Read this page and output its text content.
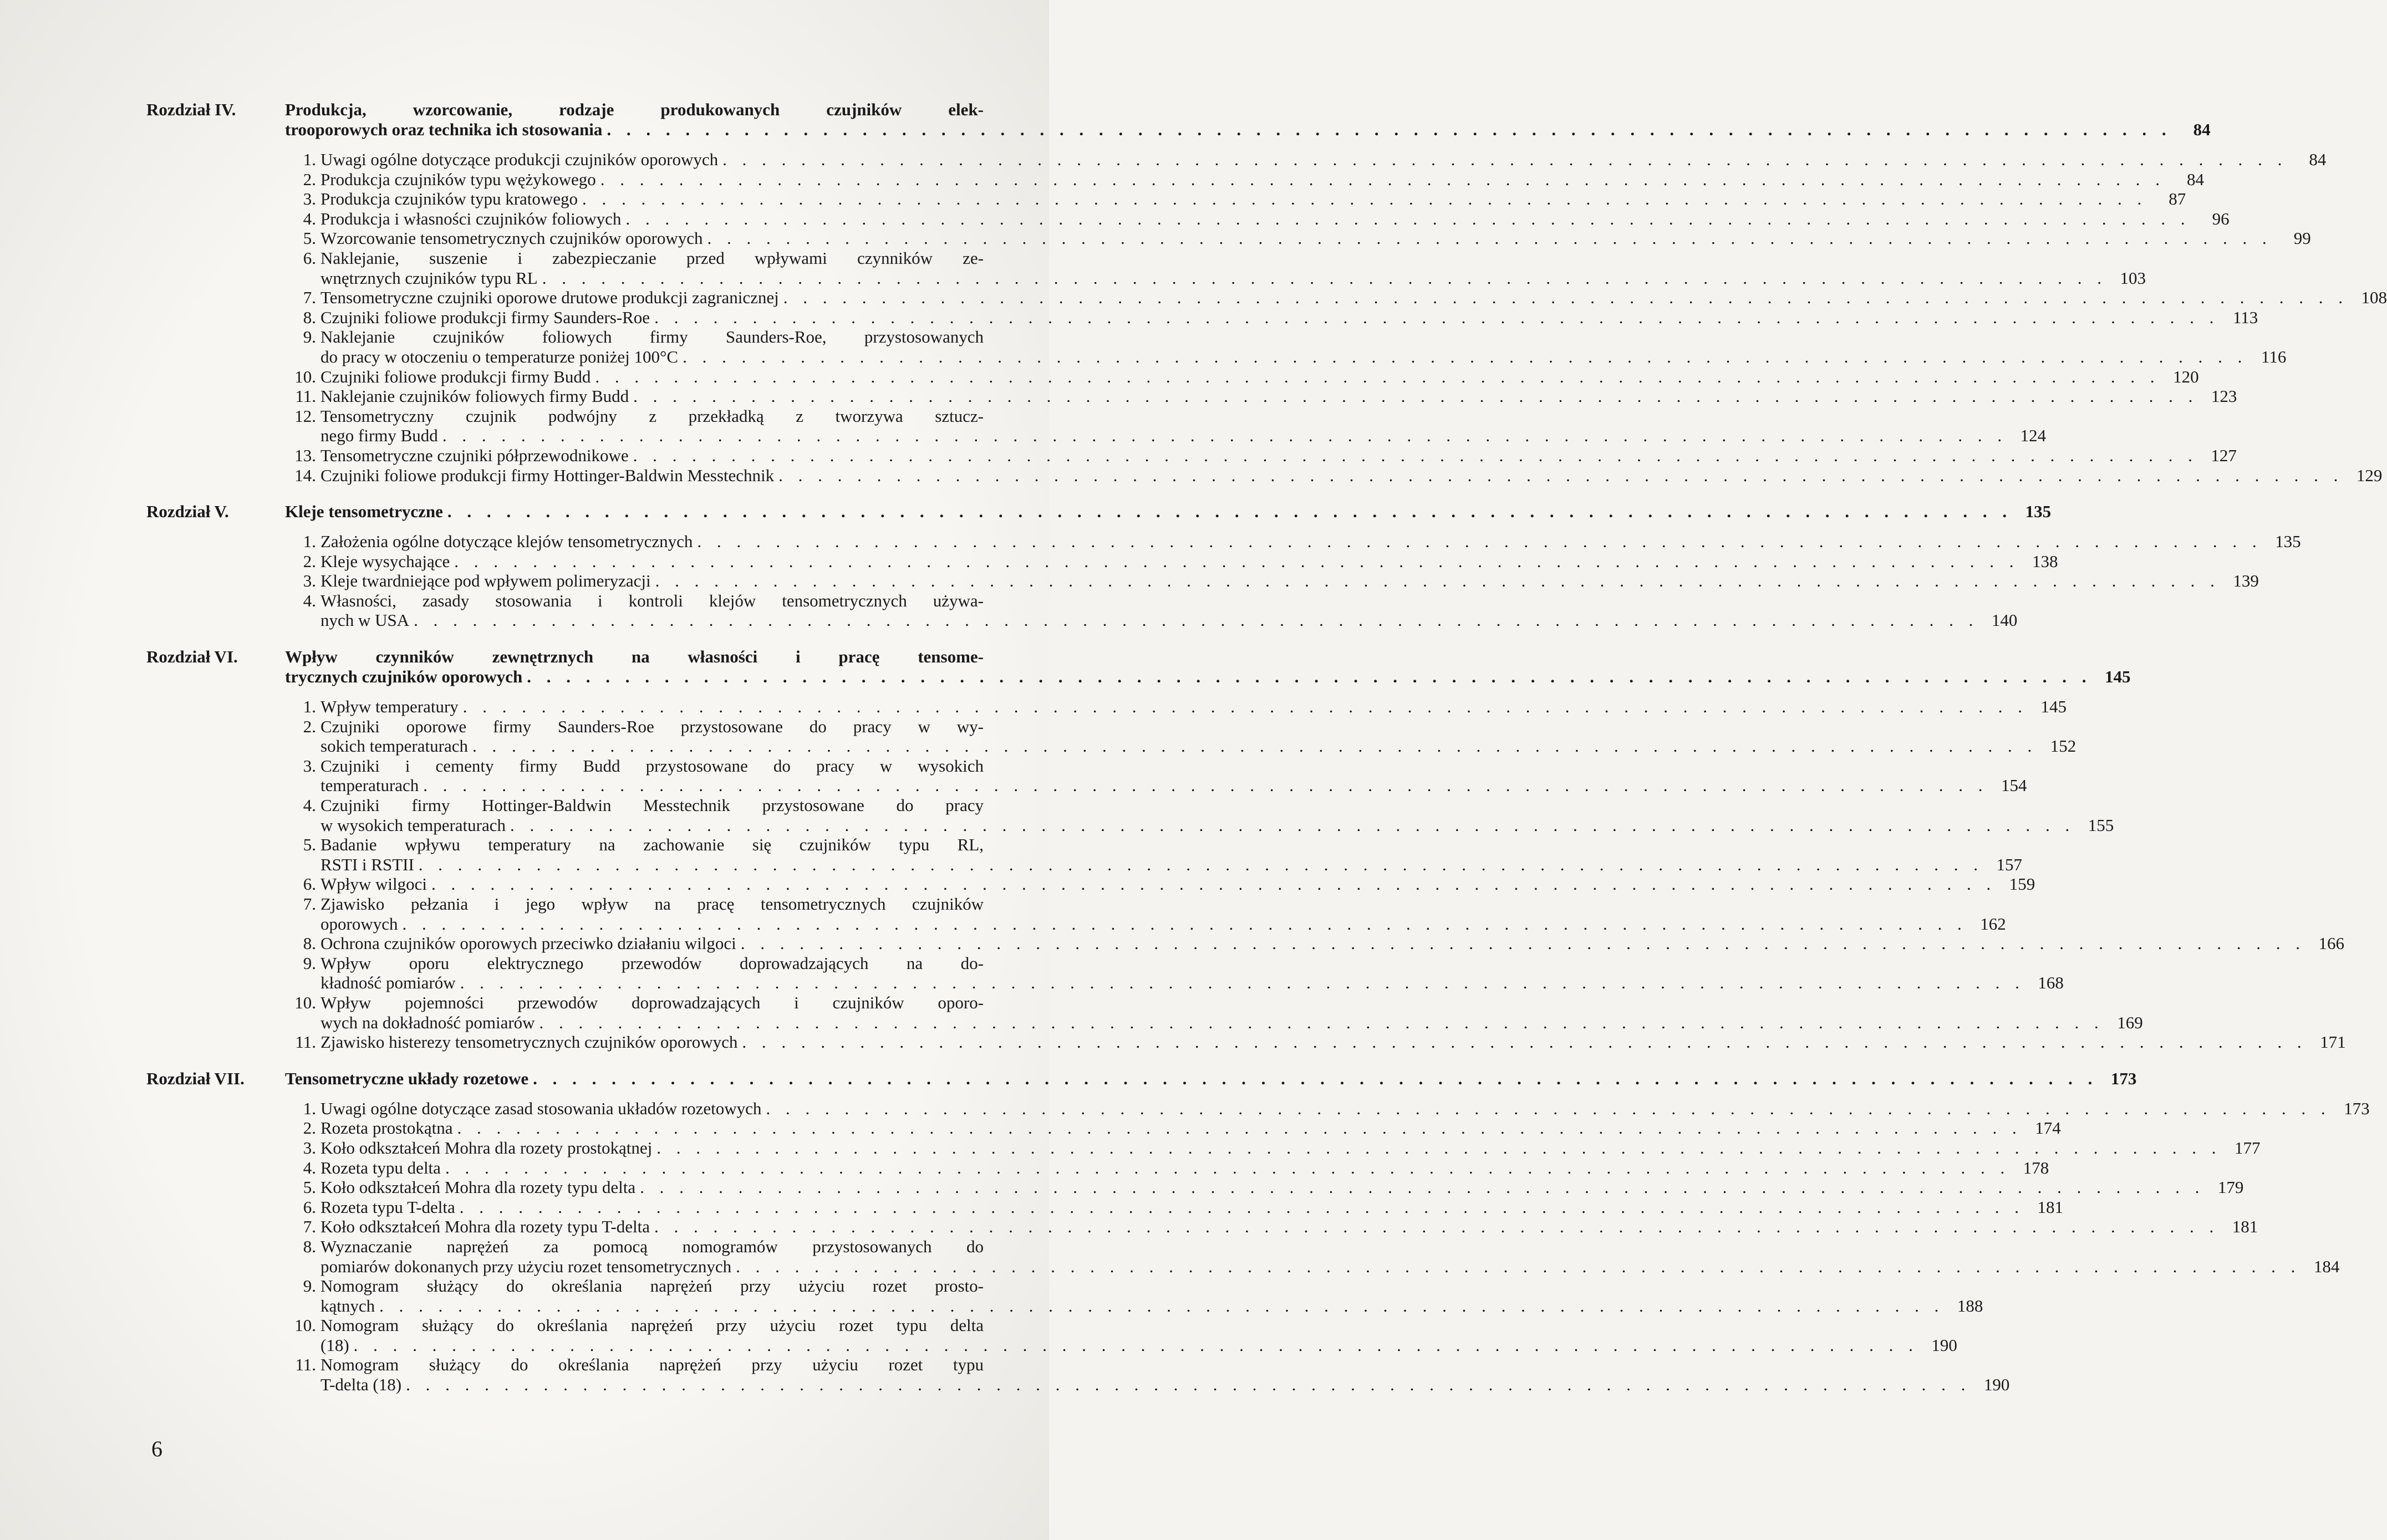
Rozdział IV.	Produkcja, wzorcowanie, rodzaje produkowanych czujników elek-
trooporowych oraz technika ich stosowania . . . . . . . . . . . . . . . . . . . . . . . . . . . . . . . . . . . . . . . . . . . . . . . . . . . . . . . . . . . . . . . . . . . . . . . . . . . . . . . .	84
1. Uwagi ogólne dotyczące produkcji czujników oporowych . . . . . . . . . . . . . . . . . . . . . . . . . . . . . . . . . . . . . . . . . . . . . . . . . . . . . . . . . . . . . . . . . . . . . . . . . . . . . . . .	84
2. Produkcja czujników typu wężykowego . . . . . . . . . . . . . . . . . . . . . . . . . . . . . . . . . . . . . . . . . . . . . . . . . . . . . . . . . . . . . . . . . . . . . . . . . . . . . . . .	84
3. Produkcja czujników typu kratowego . . . . . . . . . . . . . . . . . . . . . . . . . . . . . . . . . . . . . . . . . . . . . . . . . . . . . . . . . . . . . . . . . . . . . . . . . . . . . . . .	87
4. Produkcja i własności czujników foliowych . . . . . . . . . . . . . . . . . . . . . . . . . . . . . . . . . . . . . . . . . . . . . . . . . . . . . . . . . . . . . . . . . . . . . . . . . . . . . . . .	96
5. Wzorcowanie tensometrycznych czujników oporowych . . . . . . . . . . . . . . . . . . . . . . . . . . . . . . . . . . . . . . . . . . . . . . . . . . . . . . . . . . . . . . . . . . . . . . . . . . . . . . . .	99
6. Naklejanie, suszenie i zabezpieczanie przed wpływami czynników ze-
wnętrznych czujników typu RL . . . . . . . . . . . . . . . . . . . . . . . . . . . . . . . . . . . . . . . . . . . . . . . . . . . . . . . . . . . . . . . . . . . . . . . . . . . . . . . . 103
7. Tensometryczne czujniki oporowe drutowe produkcji zagranicznej . . . . . . . . . . . . . . . . . . . . . . . . . . . . . . . . . . . . . . . . . . . . . . . . . . . . . . . . . . . . . . . . . . . . . . . . . . . . . . . . 108
8. Czujniki foliowe produkcji firmy Saunders-Roe . . . . . . . . . . . . . . . . . . . . . . . . . . . . . . . . . . . . . . . . . . . . . . . . . . . . . . . . . . . . . . . . . . . . . . . . . . . . . . . . 113
9. Naklejanie czujników foliowych firmy Saunders-Roe, przystosowanych
do pracy w otoczeniu o temperaturze poniżej 100°C . . . . . . . . . . . . . . . . . . . . . . . . . . . . . . . . . . . . . . . . . . . . . . . . . . . . . . . . . . . . . . . . . . . . . . . . . . . . . . . . 116
10. Czujniki foliowe produkcji firmy Budd . . . . . . . . . . . . . . . . . . . . . . . . . . . . . . . . . . . . . . . . . . . . . . . . . . . . . . . . . . . . . . . . . . . . . . . . . . . . . . . . 120
11. Naklejanie czujników foliowych firmy Budd . . . . . . . . . . . . . . . . . . . . . . . . . . . . . . . . . . . . . . . . . . . . . . . . . . . . . . . . . . . . . . . . . . . . . . . . . . . . . . . . 123
12. Tensometryczny czujnik podwójny z przekładką z tworzywa sztucz-
nego firmy Budd . . . . . . . . . . . . . . . . . . . . . . . . . . . . . . . . . . . . . . . . . . . . . . . . . . . . . . . . . . . . . . . . . . . . . . . . . . . . . . . . 124
13. Tensometryczne czujniki półprzewodnikowe . . . . . . . . . . . . . . . . . . . . . . . . . . . . . . . . . . . . . . . . . . . . . . . . . . . . . . . . . . . . . . . . . . . . . . . . . . . . . . . . 127
14. Czujniki foliowe produkcji firmy Hottinger-Baldwin Messtechnik . . . . . . . . . . . . . . . . . . . . . . . . . . . . . . . . . . . . . . . . . . . . . . . . . . . . . . . . . . . . . . . . . . . . . . . . . . . . . . . . 129
Rozdział V.	Kleje tensometryczne . . . . . . . . . . . . . . . . . . . . . . . . . . . . . . . . . . . . . . . . . . . . . . . . . . . . . . . . . . . . . . . . . . . . . . . . . . . . . . . . 135
1. Założenia ogólne dotyczące klejów tensometrycznych . . . . . . . . . . . . . . . . . . . . . . . . . . . . . . . . . . . . . . . . . . . . . . . . . . . . . . . . . . . . . . . . . . . . . . . . . . . . . . . . 135
2. Kleje wysychające . . . . . . . . . . . . . . . . . . . . . . . . . . . . . . . . . . . . . . . . . . . . . . . . . . . . . . . . . . . . . . . . . . . . . . . . . . . . . . . . 138
3. Kleje twardniejące pod wpływem polimeryzacji . . . . . . . . . . . . . . . . . . . . . . . . . . . . . . . . . . . . . . . . . . . . . . . . . . . . . . . . . . . . . . . . . . . . . . . . . . . . . . . . 139
4. Własności, zasady stosowania i kontroli klejów tensometrycznych używa-
nych w USA . . . . . . . . . . . . . . . . . . . . . . . . . . . . . . . . . . . . . . . . . . . . . . . . . . . . . . . . . . . . . . . . . . . . . . . . . . . . . . . . 140
Rozdział VI.	Wpływ czynników zewnętrznych na własności i pracę tensome-
trycznych czujników oporowych . . . . . . . . . . . . . . . . . . . . . . . . . . . . . . . . . . . . . . . . . . . . . . . . . . . . . . . . . . . . . . . . . . . . . . . . . . . . . . . . 145
1. Wpływ temperatury . . . . . . . . . . . . . . . . . . . . . . . . . . . . . . . . . . . . . . . . . . . . . . . . . . . . . . . . . . . . . . . . . . . . . . . . . . . . . . . . 145
2. Czujniki oporowe firmy Saunders-Roe przystosowane do pracy w wy-
sokich temperaturach . . . . . . . . . . . . . . . . . . . . . . . . . . . . . . . . . . . . . . . . . . . . . . . . . . . . . . . . . . . . . . . . . . . . . . . . . . . . . . . . 152
3. Czujniki i cementy firmy Budd przystosowane do pracy w wysokich
temperaturach . . . . . . . . . . . . . . . . . . . . . . . . . . . . . . . . . . . . . . . . . . . . . . . . . . . . . . . . . . . . . . . . . . . . . . . . . . . . . . . . 154
4. Czujniki firmy Hottinger-Baldwin Messtechnik przystosowane do pracy
w wysokich temperaturach . . . . . . . . . . . . . . . . . . . . . . . . . . . . . . . . . . . . . . . . . . . . . . . . . . . . . . . . . . . . . . . . . . . . . . . . . . . . . . . . 155
5. Badanie wpływu temperatury na zachowanie się czujników typu RL,
RSTI i RSTII . . . . . . . . . . . . . . . . . . . . . . . . . . . . . . . . . . . . . . . . . . . . . . . . . . . . . . . . . . . . . . . . . . . . . . . . . . . . . . . . 157
6. Wpływ wilgoci . . . . . . . . . . . . . . . . . . . . . . . . . . . . . . . . . . . . . . . . . . . . . . . . . . . . . . . . . . . . . . . . . . . . . . . . . . . . . . . . 159
7. Zjawisko pełzania i jego wpływ na pracę tensometrycznych czujników
oporowych . . . . . . . . . . . . . . . . . . . . . . . . . . . . . . . . . . . . . . . . . . . . . . . . . . . . . . . . . . . . . . . . . . . . . . . . . . . . . . . . 162
8. Ochrona czujników oporowych przeciwko działaniu wilgoci . . . . . . . . . . . . . . . . . . . . . . . . . . . . . . . . . . . . . . . . . . . . . . . . . . . . . . . . . . . . . . . . . . . . . . . . . . . . . . . . 166
9. Wpływ oporu elektrycznego przewodów doprowadzających na do-
kładność pomiarów . . . . . . . . . . . . . . . . . . . . . . . . . . . . . . . . . . . . . . . . . . . . . . . . . . . . . . . . . . . . . . . . . . . . . . . . . . . . . . . . 168
10. Wpływ pojemności przewodów doprowadzających i czujników oporo-
wych na dokładność pomiarów . . . . . . . . . . . . . . . . . . . . . . . . . . . . . . . . . . . . . . . . . . . . . . . . . . . . . . . . . . . . . . . . . . . . . . . . . . . . . . . . 169
11. Zjawisko histerezy tensometrycznych czujników oporowych . . . . . . . . . . . . . . . . . . . . . . . . . . . . . . . . . . . . . . . . . . . . . . . . . . . . . . . . . . . . . . . . . . . . . . . . . . . . . . . . 171
Rozdział VII. Tensometryczne układy rozetowe . . . . . . . . . . . . . . . . . . . . . . . . . . . . . . . . . . . . . . . . . . . . . . . . . . . . . . . . . . . . . . . . . . . . . . . . . . . . . . . . 173
1. Uwagi ogólne dotyczące zasad stosowania układów rozetowych . . . . . . . . . . . . . . . . . . . . . . . . . . . . . . . . . . . . . . . . . . . . . . . . . . . . . . . . . . . . . . . . . . . . . . . . . . . . . . . . 173
2. Rozeta prostokątna . . . . . . . . . . . . . . . . . . . . . . . . . . . . . . . . . . . . . . . . . . . . . . . . . . . . . . . . . . . . . . . . . . . . . . . . . . . . . . . . 174
3. Koło odkształceń Mohra dla rozety prostokątnej . . . . . . . . . . . . . . . . . . . . . . . . . . . . . . . . . . . . . . . . . . . . . . . . . . . . . . . . . . . . . . . . . . . . . . . . . . . . . . . . 177
4. Rozeta typu delta . . . . . . . . . . . . . . . . . . . . . . . . . . . . . . . . . . . . . . . . . . . . . . . . . . . . . . . . . . . . . . . . . . . . . . . . . . . . . . . . 178
5. Koło odkształceń Mohra dla rozety typu delta . . . . . . . . . . . . . . . . . . . . . . . . . . . . . . . . . . . . . . . . . . . . . . . . . . . . . . . . . . . . . . . . . . . . . . . . . . . . . . . . 179
6. Rozeta typu T-delta . . . . . . . . . . . . . . . . . . . . . . . . . . . . . . . . . . . . . . . . . . . . . . . . . . . . . . . . . . . . . . . . . . . . . . . . . . . . . . . . 181
7. Koło odkształceń Mohra dla rozety typu T-delta . . . . . . . . . . . . . . . . . . . . . . . . . . . . . . . . . . . . . . . . . . . . . . . . . . . . . . . . . . . . . . . . . . . . . . . . . . . . . . . . 181
8. Wyznaczanie naprężeń za pomocą nomogramów przystosowanych do
pomiarów dokonanych przy użyciu rozet tensometrycznych . . . . . . . . . . . . . . . . . . . . . . . . . . . . . . . . . . . . . . . . . . . . . . . . . . . . . . . . . . . . . . . . . . . . . . . . . . . . . . . . 184
9. Nomogram służący do określania naprężeń przy użyciu rozet prosto-
kątnych . . . . . . . . . . . . . . . . . . . . . . . . . . . . . . . . . . . . . . . . . . . . . . . . . . . . . . . . . . . . . . . . . . . . . . . . . . . . . . . . 188
10. Nomogram służący do określania naprężeń przy użyciu rozet typu delta
(18) . . . . . . . . . . . . . . . . . . . . . . . . . . . . . . . . . . . . . . . . . . . . . . . . . . . . . . . . . . . . . . . . . . . . . . . . . . . . . . . . 190
11. Nomogram służący do określania naprężeń przy użyciu rozet typu
T-delta (18) . . . . . . . . . . . . . . . . . . . . . . . . . . . . . . . . . . . . . . . . . . . . . . . . . . . . . . . . . . . . . . . . . . . . . . . . . . . . . . . . 190
6
